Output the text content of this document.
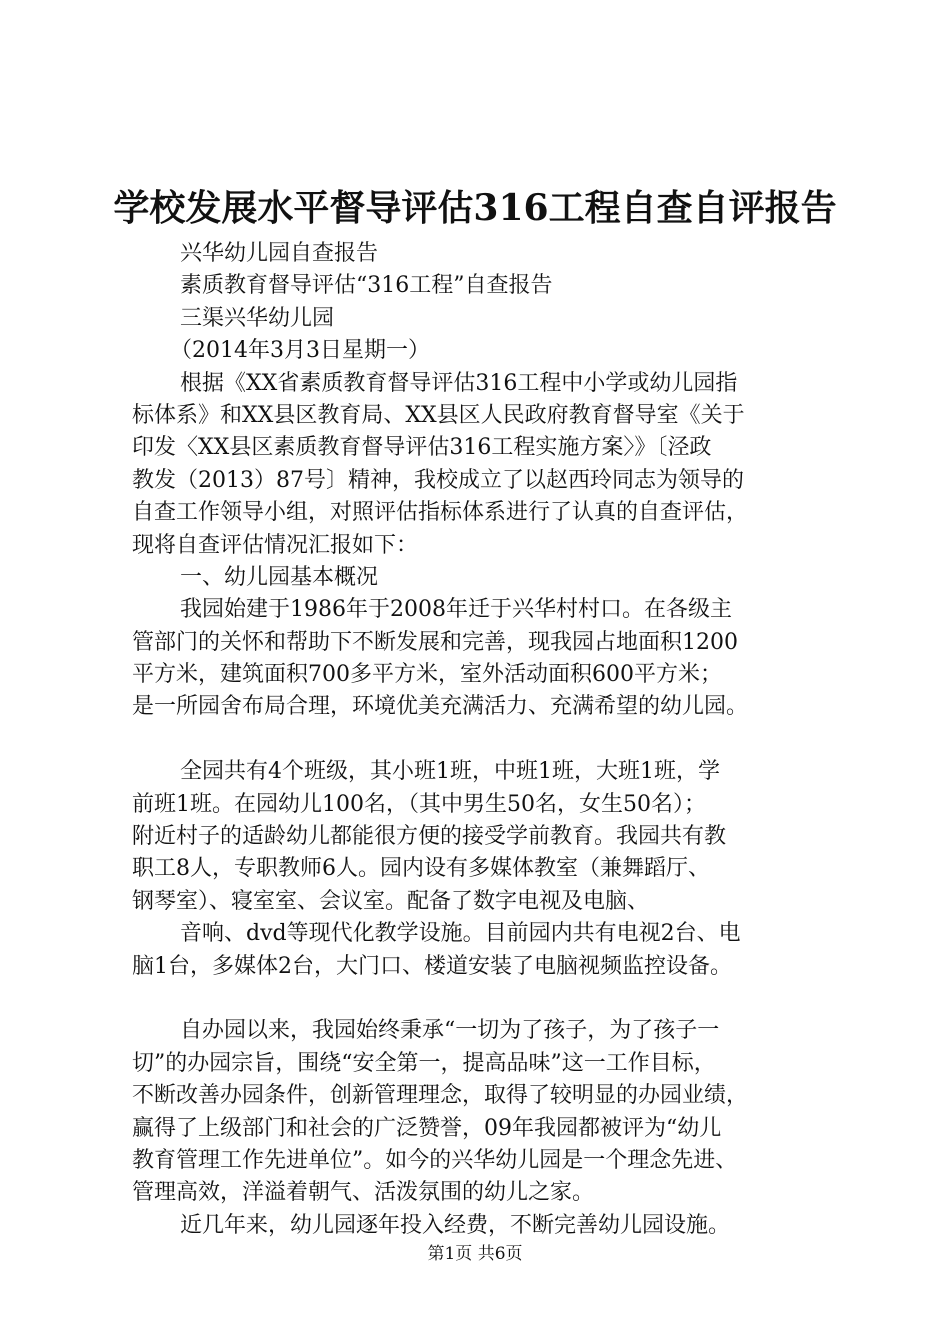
学校发展水平督导评估316工程自查自评报告
兴华幼儿园自查报告
素质教育督导评估“316工程”自查报告
三渠兴华幼儿园
（2014年3月3日星期一）
根据《XX省素质教育督导评估316工程中小学或幼儿园指
标体系》和XX县区教育局、XX县区人民政府教育督导室《关于
印发〈XX县区素质教育督导评估316工程实施方案〉》〔泾政
教发（2013）87号〕精神，我校成立了以赵西玲同志为领导的
自查工作领导小组，对照评估指标体系进行了认真的自查评估，
现将自查评估情况汇报如下：
一、幼儿园基本概况
我园始建于1986年于2008年迁于兴华村村口。在各级主
管部门的关怀和帮助下不断发展和完善，现我园占地面积1200
平方米，建筑面积700多平方米，室外活动面积600平方米；
是一所园舍布局合理，环境优美充满活力、充满希望的幼儿园。
全园共有4个班级，其小班1班，中班1班，大班1班，学
前班1班。在园幼儿100名，（其中男生50名，女生50名）；
附近村子的适龄幼儿都能很方便的接受学前教育。我园共有教
职工8人，专职教师6人。园内设有多媒体教室（兼舞蹈厅、
钢琴室）、寝室室、会议室。配备了数字电视及电脑、
音响、dvd等现代化教学设施。目前园内共有电视2台、电
脑1台，多媒体2台，大门口、楼道安装了电脑视频监控设备。
自办园以来，我园始终秉承“一切为了孩子，为了孩子一
切”的办园宗旨，围绕“安全第一，提高品味”这一工作目标，
不断改善办园条件，创新管理理念，取得了较明显的办园业绩，
赢得了上级部门和社会的广泛赞誉，09年我园都被评为“幼儿
教育管理工作先进单位”。如今的兴华幼儿园是一个理念先进、
管理高效，洋溢着朝气、活泼氛围的幼儿之家。
近几年来，幼儿园逐年投入经费，不断完善幼儿园设施。
第1页 共6页
